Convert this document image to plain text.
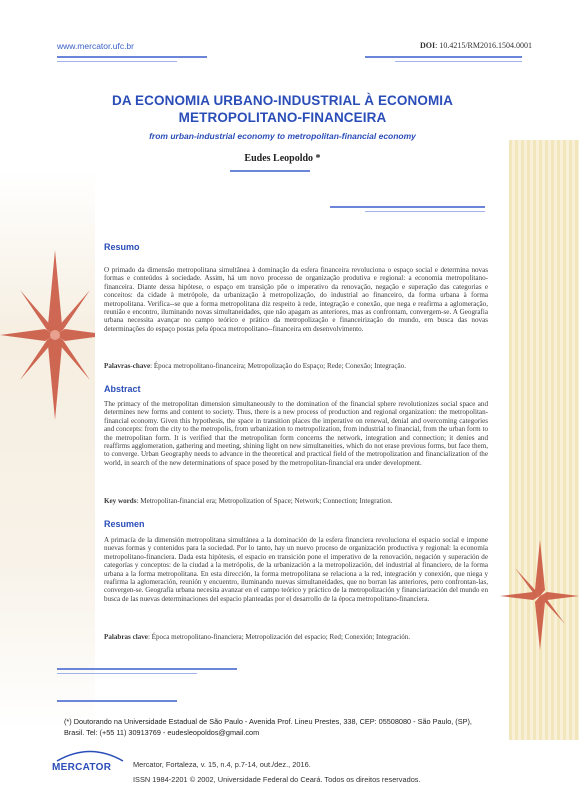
www.mercator.ufc.br	DOI: 10.4215/RM2016.1504.0001
DA ECONOMIA URBANO-INDUSTRIAL À ECONOMIA
METROPOLITANO-FINANCEIRA
from urban-industrial economy to metropolitan-financial economy
Eudes Leopoldo *
Resumo
O primado da dimensão metropolitana simultânea à dominação da esfera financeira revoluciona o espaço social e determina novas formas e conteúdos à sociedade. Assim, há um novo processo de organização produtiva e regional: a economia metropolitano-financeira. Diante dessa hipótese, o espaço em transição põe o imperativo da renovação, negação e superação das categorias e conceitos: da cidade à metrópole, da urbanização à metropolização, do industrial ao financeiro, da forma urbana à forma metropolitana. Verifica--se que a forma metropolitana diz respeito à rede, integração e conexão, que nega e reafirma a aglomeração, reunião e encontro, iluminando novas simultaneidades, que não apagam as anteriores, mas as confrontam, convergem-se. A Geografia urbana necessita avançar no campo teórico e prático da metropolização e financeirização do mundo, em busca das novas determinações do espaço postas pela época metropolitano--financeira em desenvolvimento.
Palavras-chave: Época metropolitano-financeira; Metropolização do Espaço; Rede; Conexão; Integração.
Abstract
The primacy of the metropolitan dimension simultaneously to the domination of the financial sphere revolutionizes social space and determines new forms and content to society. Thus, there is a new process of production and regional organization: the metropolitan-financial economy. Given this hypothesis, the space in transition places the imperative on renewal, denial and overcoming categories and concepts: from the city to the metropolis, from urbanization to metropolization, from industrial to financial, from the urban form to the metropolitan form. It is verified that the metropolitan form concerns the network, integration and connection; it denies and reaffirms agglomeration, gathering and meeting, shining light on new simultaneities, which do not erase previous forms, but face them, to converge. Urban Geography needs to advance in the theoretical and practical field of the metropolization and financialization of the world, in search of the new determinations of space posed by the metropolitan-financial era under development.
Key words: Metropolitan-financial era; Metropolization of Space; Network; Connection; Integration.
Resumen
A primacía de la dimensión metropolitana simultánea a la dominación de la esfera financiera revoluciona el espacio social e impone nuevas formas y contenidos para la sociedad. Por lo tanto, hay un nuevo proceso de organización productiva y regional: la economía metropolitano-financiera. Dada esta hipótesis, el espacio en transición pone el imperativo de la renovación, negación y superación de categorías y conceptos: de la ciudad a la metrópolis, de la urbanización a la metropolización, del industrial al financiero, de la forma urbana a la forma metropolitana. En esta dirección, la forma metropolitana se relaciona a la red, integración y conexión, que niega y reafirma la aglomeración, reunión y encuentro, iluminando nuevas simultaneidades, que no borran las anteriores, pero confrontan-las, convergen-se. Geografía urbana necesita avanzar en el campo teórico y práctico de la metropolización y financiarización del mundo en busca de las nuevas determinaciones del espacio planteadas por el desarrollo de la época metropolitano-financiera.
Palabras clave: Época metropolitano-financiera; Metropolización del espacio; Red; Conexión; Integración.
(*) Doutorando na Universidade Estadual de São Paulo - Avenida Prof. Lineu Prestes, 338, CEP: 05508080 - São Paulo, (SP),
Brasil. Tel: (+55 11) 30913769 - eudesleopoldos@gmail.com
MERCATOR	Mercator, Fortaleza, v. 15, n.4, p.7-14, out./dez., 2016.
ISSN 1984-2201 © 2002, Universidade Federal do Ceará. Todos os direitos reservados.
